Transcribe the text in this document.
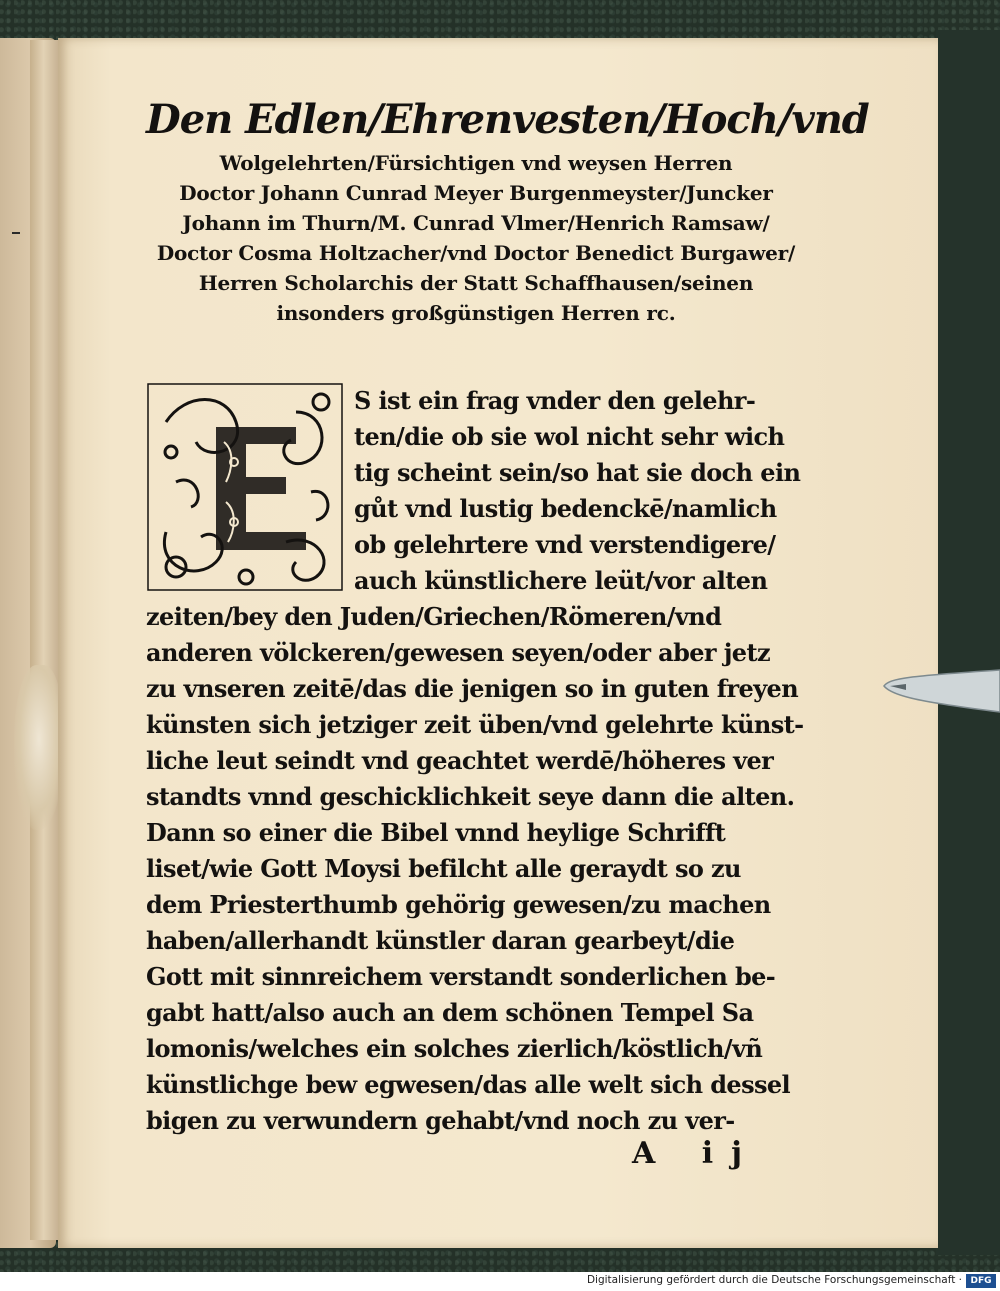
Den Edlen/Ehrenvesten/Hoch/vnd
Wolgelehrten/Fürsichtigen vnd weysen Herren
Doctor Johann Cunrad Meyer Burgenmeyster/Juncker
Johann im Thurn/M. Cunrad Vlmer/Henrich Ramsaw/
Doctor Cosma Holtzacher/vnd Doctor Benedict Burgawer/
Herren Scholarchis der Statt Schaffhausen/seinen
insonders großgünstigen Herren rc.
E
S ist ein frag vnder den gelehr-
ten/die ob sie wol nicht sehr wich
tig scheint sein/so hat sie doch ein
gůt vnd lustig bedenckē/namlich
ob gelehrtere vnd verstendigere/
auch künstlichere leüt/vor alten
zeiten/bey den Juden/Griechen/Römeren/vnd
anderen völckeren/gewesen seyen/oder aber jetz
zu vnseren zeitē/das die jenigen so in guten freyen
künsten sich jetziger zeit üben/vnd gelehrte künst-
liche leut seindt vnd geachtet werdē/höheres ver
standts vnnd geschicklichkeit seye dann die alten.
Dann so einer die Bibel vnnd heylige Schrifft
liset/wie Gott Moysi befilcht alle geraydt so zu
dem Priesterthumb gehörig gewesen/zu machen
haben/allerhandt künstler daran gearbeyt/die
Gott mit sinnreichem verstandt sonderlichen be-
gabt hatt/also auch an dem schönen Tempel Sa
lomonis/welches ein solches zierlich/köstlich/vñ
künstlichge bew egwesen/das alle welt sich dessel
bigen zu verwundern gehabt/vnd noch zu ver-
A ij
Digitalisierung gefördert durch die Deutsche Forschungsgemeinschaft · DFG
